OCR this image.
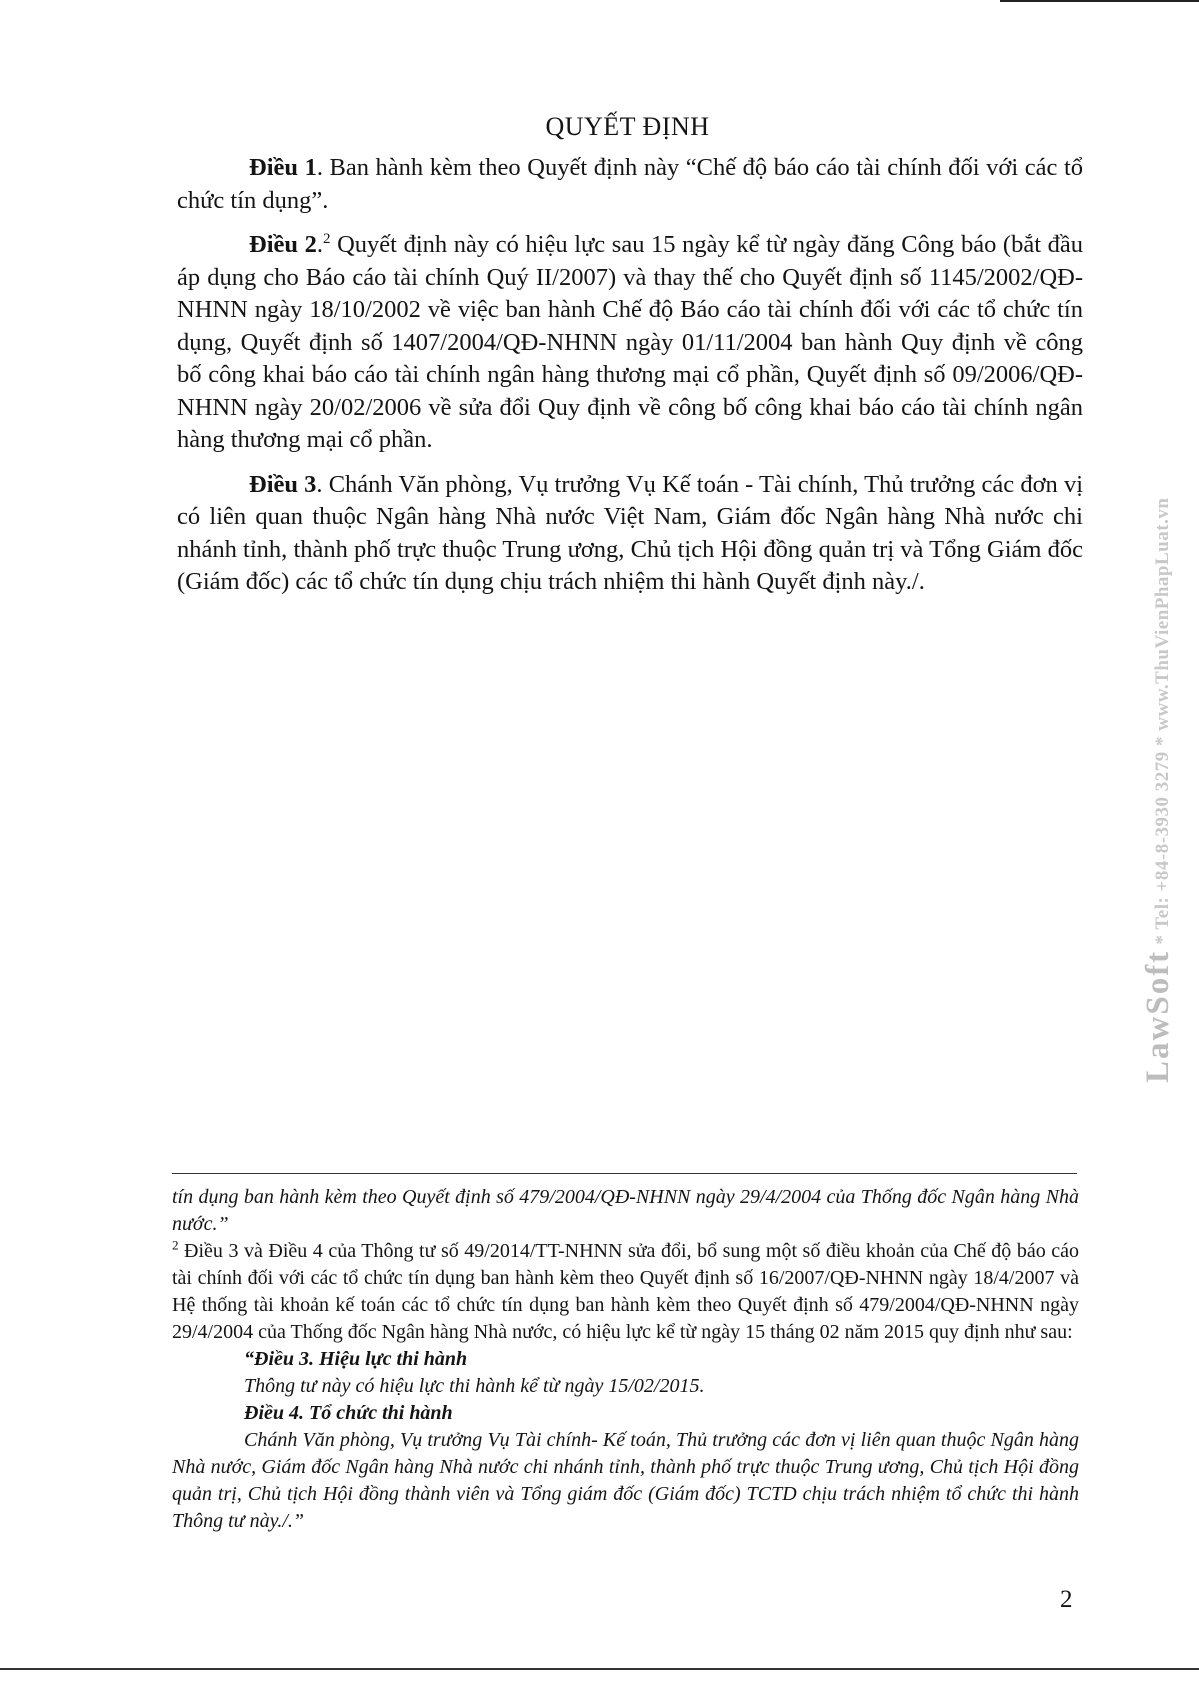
QUYẾT ĐỊNH

Điều 1. Ban hành kèm theo Quyết định này “Chế độ báo cáo tài chính đối với các tổ chức tín dụng”.

Điều 2.$^2$ Quyết định này có hiệu lực sau 15 ngày kể từ ngày đăng Công báo (bắt đầu áp dụng cho Báo cáo tài chính Quý II/2007) và thay thế cho Quyết định số 1145/2002/QĐ-NHNN ngày 18/10/2002 về việc ban hành Chế độ Báo cáo tài chính đối với các tổ chức tín dụng, Quyết định số 1407/2004/QĐ-NHNN ngày 01/11/2004 ban hành Quy định về công bố công khai báo cáo tài chính ngân hàng thương mại cổ phần, Quyết định số 09/2006/QĐ-NHNN ngày 20/02/2006 về sửa đổi Quy định về công bố công khai báo cáo tài chính ngân hàng thương mại cổ phần.

Điều 3. Chánh Văn phòng, Vụ trưởng Vụ Kế toán - Tài chính, Thủ trưởng các đơn vị có liên quan thuộc Ngân hàng Nhà nước Việt Nam, Giám đốc Ngân hàng Nhà nước chi nhánh tỉnh, thành phố trực thuộc Trung ương, Chủ tịch Hội đồng quản trị và Tổng Giám đốc (Giám đốc) các tổ chức tín dụng chịu trách nhiệm thi hành Quyết định này./.

LawSoft * Tel: +84-8-3930 3279 * www.ThuVienPhapLuat.vn

tín dụng ban hành kèm theo Quyết định số 479/2004/QĐ-NHNN ngày 29/4/2004 của Thống đốc Ngân hàng Nhà nước.”

$^2$ Điều 3 và Điều 4 của Thông tư số 49/2014/TT-NHNN sửa đổi, bổ sung một số điều khoản của Chế độ báo cáo tài chính đối với các tổ chức tín dụng ban hành kèm theo Quyết định số 16/2007/QĐ-NHNN ngày 18/4/2007 và Hệ thống tài khoản kế toán các tổ chức tín dụng ban hành kèm theo Quyết định số 479/2004/QĐ-NHNN ngày 29/4/2004 của Thống đốc Ngân hàng Nhà nước, có hiệu lực kể từ ngày 15 tháng 02 năm 2015 quy định như sau:

“Điều 3. Hiệu lực thi hành

Thông tư này có hiệu lực thi hành kể từ ngày 15/02/2015.

Điều 4. Tổ chức thi hành

Chánh Văn phòng, Vụ trưởng Vụ Tài chính- Kế toán, Thủ trưởng các đơn vị liên quan thuộc Ngân hàng Nhà nước, Giám đốc Ngân hàng Nhà nước chi nhánh tỉnh, thành phố trực thuộc Trung ương, Chủ tịch Hội đồng quản trị, Chủ tịch Hội đồng thành viên và Tổng giám đốc (Giám đốc) TCTD chịu trách nhiệm tổ chức thi hành Thông tư này./.”

2
